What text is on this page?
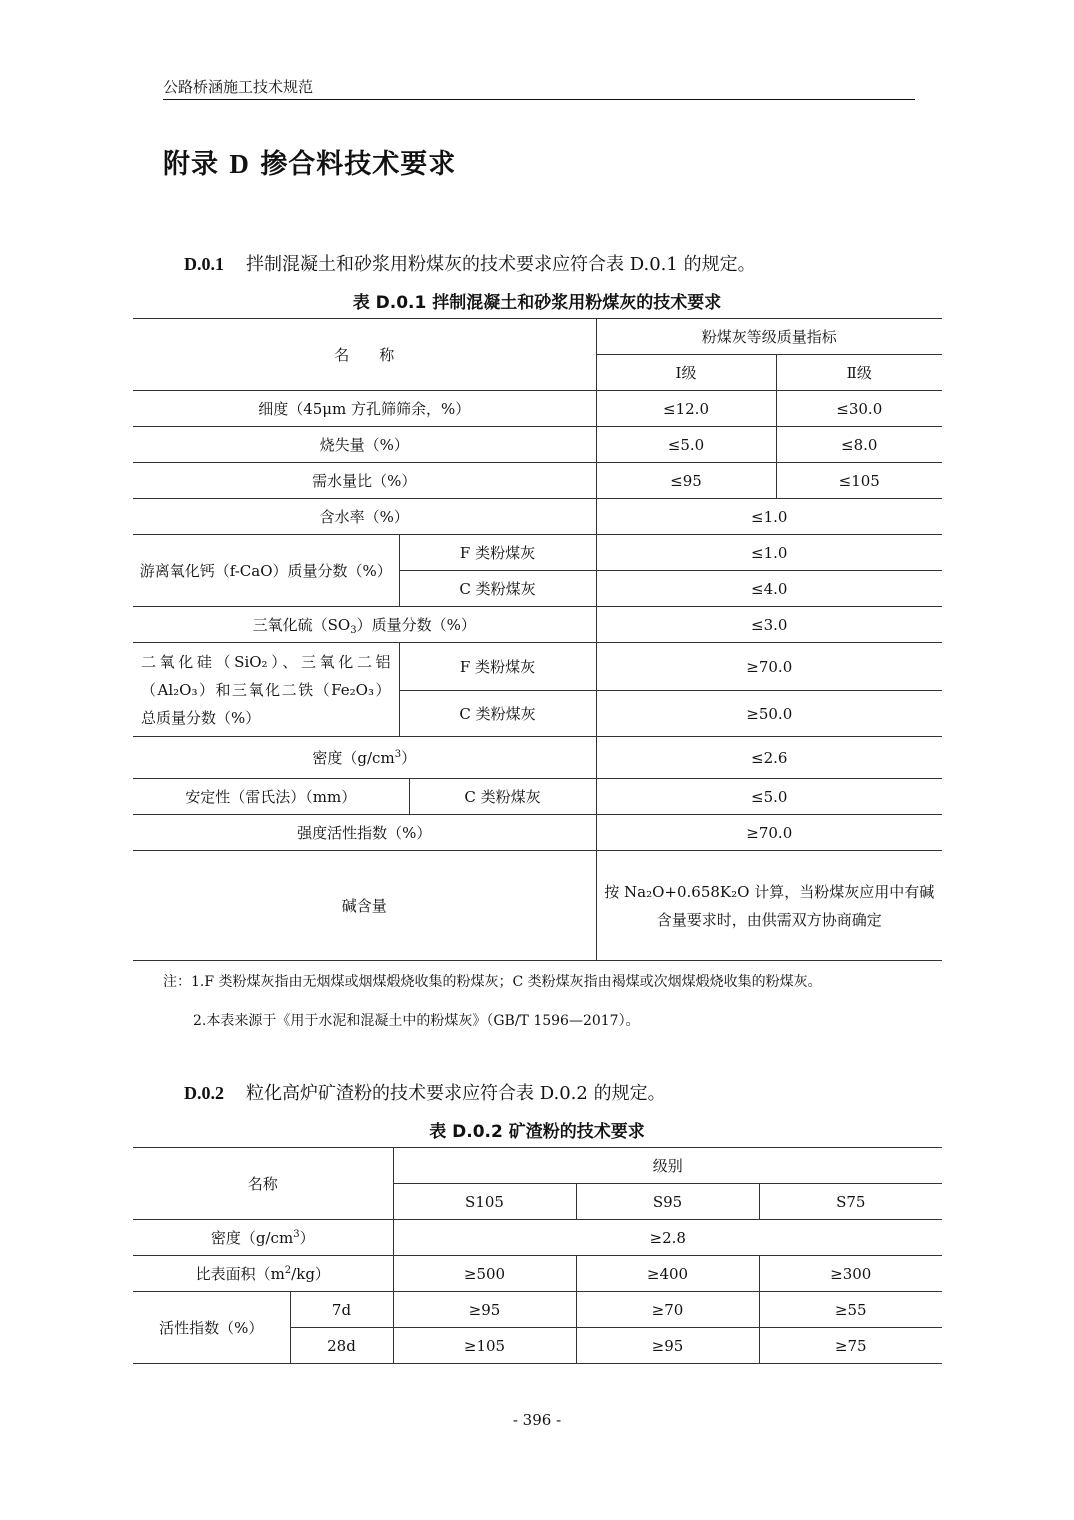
公路桥涵施工技术规范
附录 D 掺合料技术要求
D.0.1 拌制混凝土和砂浆用粉煤灰的技术要求应符合表 D.0.1 的规定。
表 D.0.1 拌制混凝土和砂浆用粉煤灰的技术要求
名　　称			粉煤灰等级质量指标	
			Ⅰ级	Ⅱ级
细度（45μm 方孔筛筛余，%）			≤12.0	≤30.0
烧失量（%）			≤5.0	≤8.0
需水量比（%）			≤95	≤105
含水率（%）			≤1.0	
游离氧化钙（f-CaO）质量分数（%）	F 类粉煤灰		≤1.0	
	C 类粉煤灰		≤4.0	
三氧化硫$(SO_3)$质量分数（%）			≤3.0	

二氧化硅（SiO₂）、三氧化二铝
（Al₂O₃）和三氧化二铁（Fe₂O₃）
总质量分数（%）	F 类粉煤灰		≥70.0	
	C 类粉煤灰		≥50.0	
密度$(g/cm^3)$			≤2.6	
安定性（雷氏法）（mm）		C 类粉煤灰	≤5.0	
强度活性指数（%）			≥70.0	
碱含量			按 Na₂O+0.658K₂O 计算，当粉煤灰应用中有碱
含量要求时，由供需双方协商确定	
注：1.F 类粉煤灰指由无烟煤或烟煤煅烧收集的粉煤灰；C 类粉煤灰指由褐煤或次烟煤煅烧收集的粉煤灰。
2.本表来源于《用于水泥和混凝土中的粉煤灰》（GB/T 1596—2017）。
D.0.2 粒化高炉矿渣粉的技术要求应符合表 D.0.2 的规定。
表 D.0.2 矿渣粉的技术要求
名称		级别		
		S105	S95	S75
密度$(g/cm^3)$		≥2.8		
比表面积$(m^2/kg)$		≥500	≥400	≥300
活性指数（%）	7d	≥95	≥70	≥55
	28d	≥105	≥95	≥75
- 396 -
